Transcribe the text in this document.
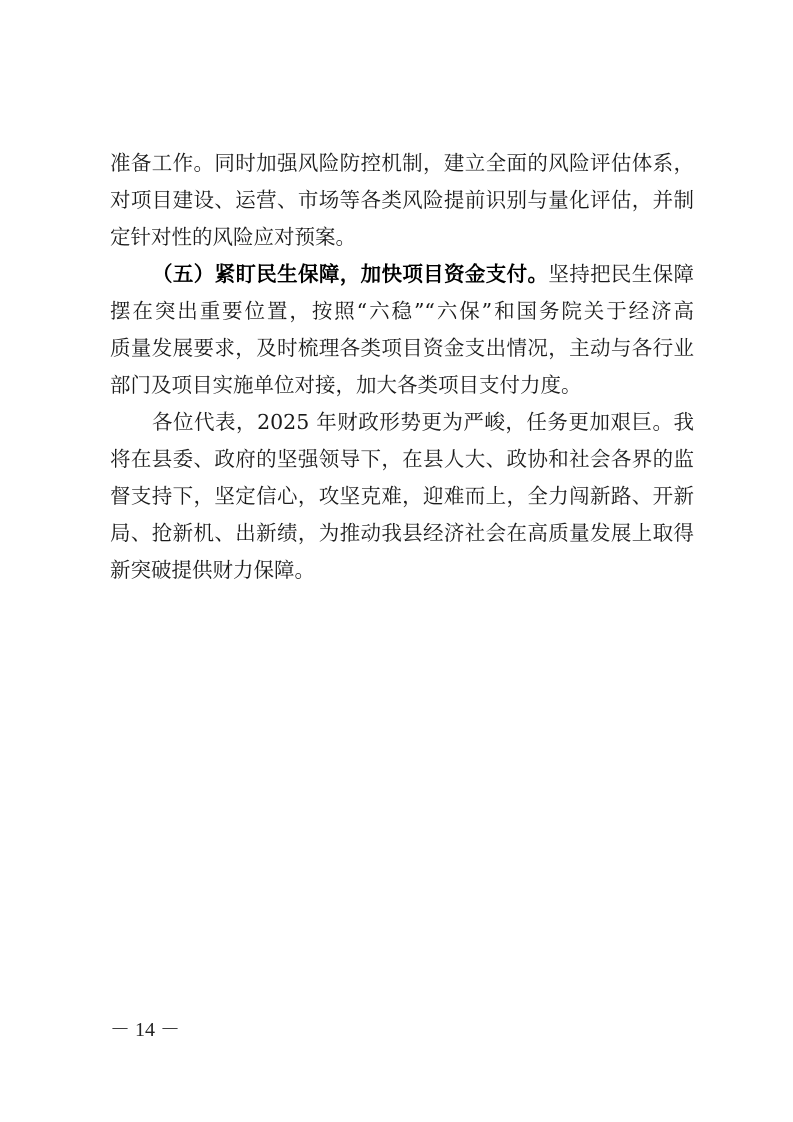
准备工作。同时加强风险防控机制，建立全面的风险评估体系，
对项目建设、运营、市场等各类风险提前识别与量化评估，并制
定针对性的风险应对预案。
（五）紧盯民生保障，加快项目资金支付。坚持把民生保障
摆在突出重要位置，按照“六稳”“六保”和国务院关于经济高
质量发展要求，及时梳理各类项目资金支出情况，主动与各行业
部门及项目实施单位对接，加大各类项目支付力度。
各位代表，2025 年财政形势更为严峻，任务更加艰巨。我
将在县委、政府的坚强领导下，在县人大、政协和社会各界的监
督支持下，坚定信心，攻坚克难，迎难而上，全力闯新路、开新
局、抢新机、出新绩，为推动我县经济社会在高质量发展上取得
新突破提供财力保障。
－ 14 －
